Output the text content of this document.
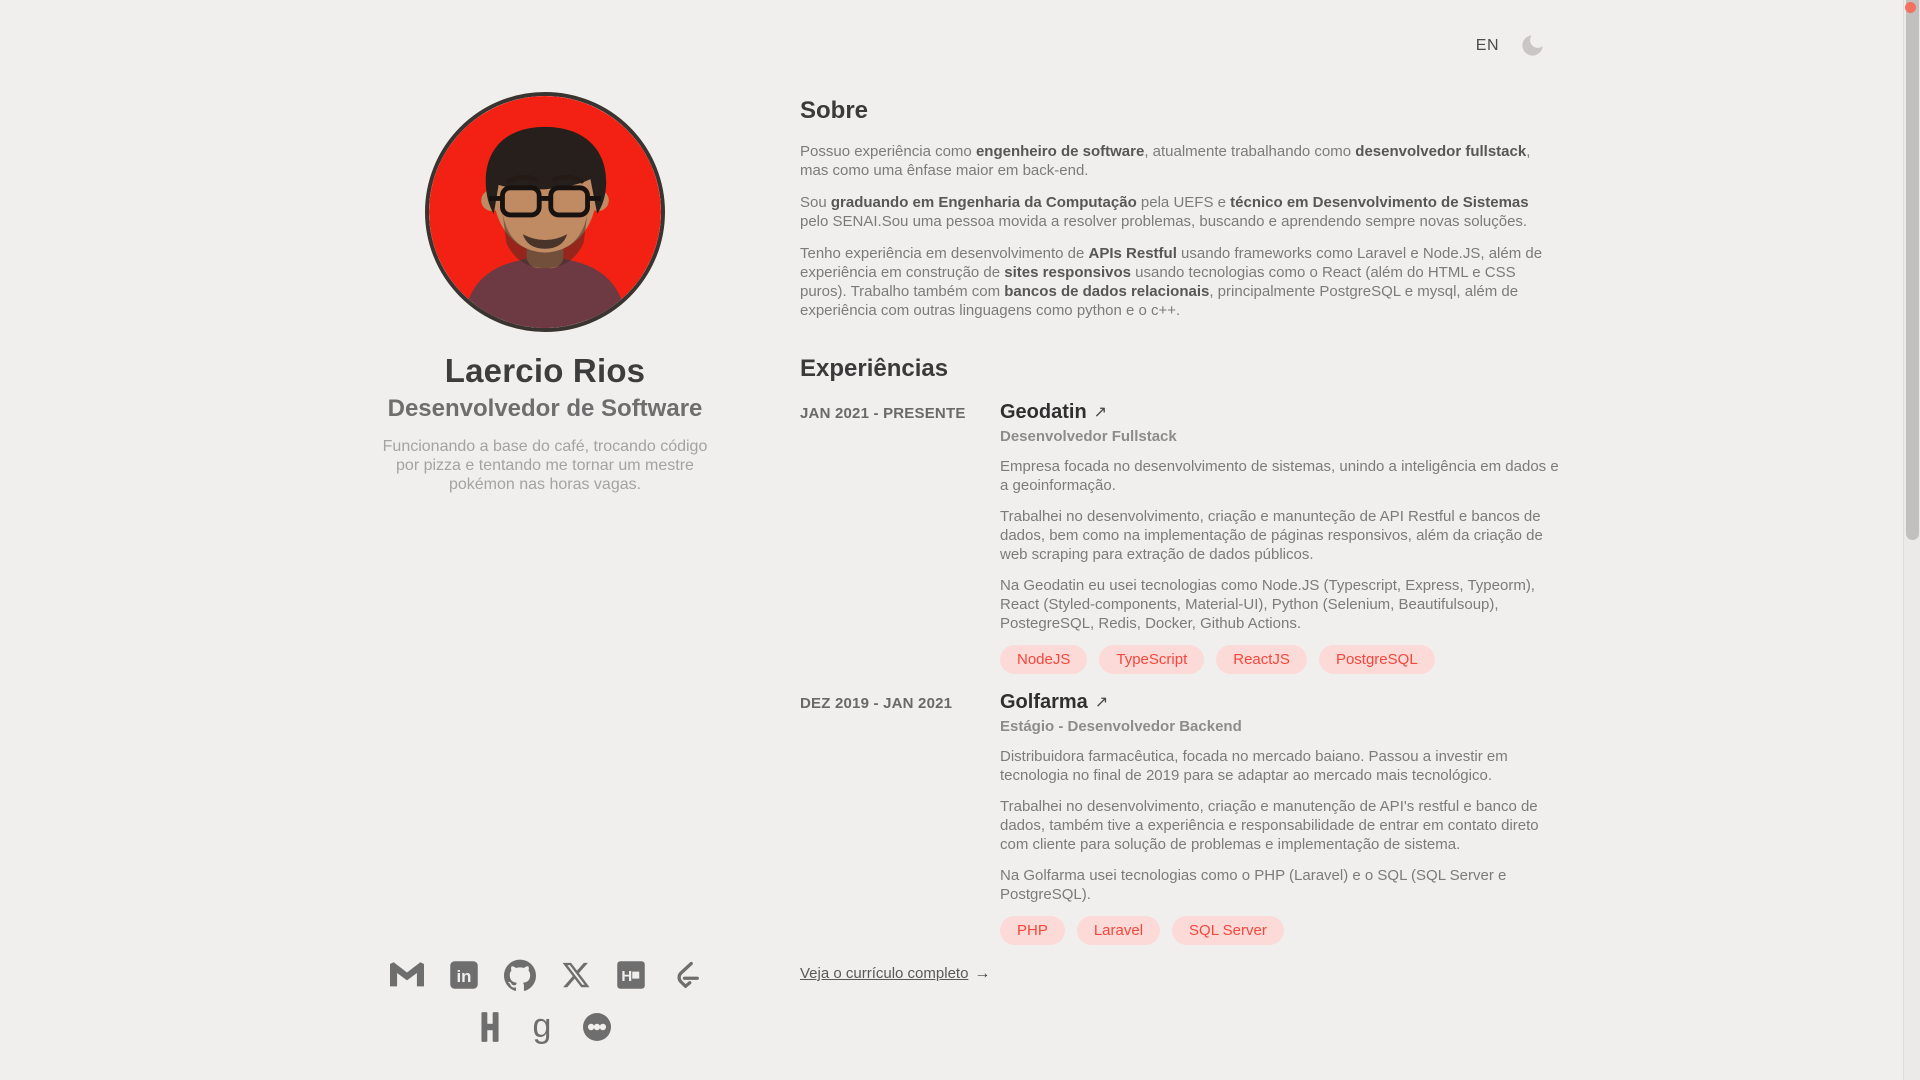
Laercio Rios
Desenvolvedor de Software

Funcionando a base do café, trocando código por pizza e tentando me tornar um mestre pokémon nas horas vagas.

in	H
g
EN
Sobre

Possuo experiência como engenheiro de software, atualmente trabalhando como desenvolvedor fullstack, mas como uma ênfase maior em back-end.

Sou graduando em Engenharia da Computação pela UEFS e técnico em Desenvolvimento de Sistemas pelo SENAI.Sou uma pessoa movida a resolver problemas, buscando e aprendendo sempre novas soluções.

Tenho experiência em desenvolvimento de APIs Restful usando frameworks como Laravel e Node.JS, além de experiência em construção de sites responsivos usando tecnologias como o React (além do HTML e CSS puros). Trabalho também com bancos de dados relacionais, principalmente PostgreSQL e mysql, além de experiência com outras linguagens como python e o c++.

Experiências
JAN 2021 - PRESENTE	Geodatin ↗
Desenvolvedor Fullstack

Empresa focada no desenvolvimento de sistemas, unindo a inteligência em dados e a geoinformação.

Trabalhei no desenvolvimento, criação e manunteção de API Restful e bancos de dados, bem como na implementação de páginas responsivos, além da criação de web scraping para extração de dados públicos.

Na Geodatin eu usei tecnologias como Node.JS (Typescript, Express, Typeorm), React (Styled-components, Material-UI), Python (Selenium, Beautifulsoup), PostegreSQL, Redis, Docker, Github Actions.

NodeJS	TypeScript	ReactJS	PostgreSQL
DEZ 2019 - JAN 2021	Golfarma ↗
Estágio - Desenvolvedor Backend

Distribuidora farmacêutica, focada no mercado baiano. Passou a investir em tecnologia no final de 2019 para se adaptar ao mercado mais tecnológico.

Trabalhei no desenvolvimento, criação e manutenção de API's restful e banco de dados, também tive a experiência e responsabilidade de entrar em contato direto com cliente para solução de problemas e implementação de sistema.

Na Golfarma usei tecnologias como o PHP (Laravel) e o SQL (SQL Server e PostgreSQL).

PHP	Laravel	SQL Server
Veja o currículo completo →
